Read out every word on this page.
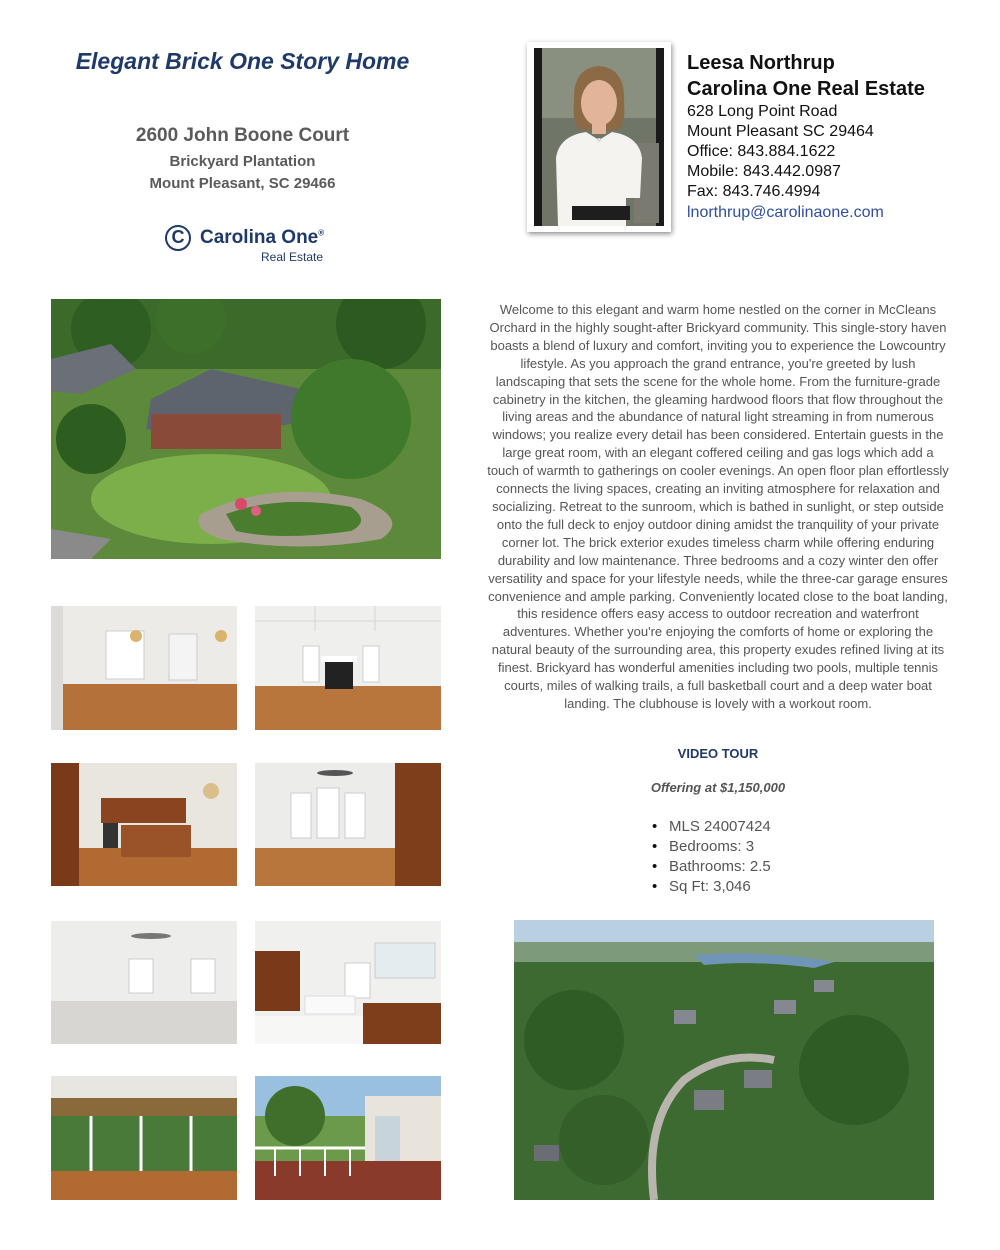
Elegant Brick One Story Home
2600 John Boone Court
Brickyard Plantation
Mount Pleasant, SC 29466
C Carolina One®
Real Estate
Leesa Northrup
Carolina One Real Estate
628 Long Point Road
Mount Pleasant SC 29464
Office: 843.884.1622
Mobile: 843.442.0987
Fax: 843.746.4994
lnorthrup@carolinaone.com
Welcome to this elegant and warm home nestled on the corner in McCleans Orchard in the highly sought-after Brickyard community. This single-story haven boasts a blend of luxury and comfort, inviting you to experience the Lowcountry lifestyle. As you approach the grand entrance, you're greeted by lush landscaping that sets the scene for the whole home. From the furniture-grade cabinetry in the kitchen, the gleaming hardwood floors that flow throughout the living areas and the abundance of natural light streaming in from numerous windows; you realize every detail has been considered. Entertain guests in the large great room, with an elegant coffered ceiling and gas logs which add a touch of warmth to gatherings on cooler evenings. An open floor plan effortlessly connects the living spaces, creating an inviting atmosphere for relaxation and socializing. Retreat to the sunroom, which is bathed in sunlight, or step outside onto the full deck to enjoy outdoor dining amidst the tranquility of your private corner lot. The brick exterior exudes timeless charm while offering enduring durability and low maintenance. Three bedrooms and a cozy winter den offer versatility and space for your lifestyle needs, while the three-car garage ensures convenience and ample parking. Conveniently located close to the boat landing, this residence offers easy access to outdoor recreation and waterfront adventures. Whether you're enjoying the comforts of home or exploring the natural beauty of the surrounding area, this property exudes refined living at its finest. Brickyard has wonderful amenities including two pools, multiple tennis courts, miles of walking trails, a full basketball court and a deep water boat landing. The clubhouse is lovely with a workout room.
VIDEO TOUR
Offering at $1,150,000
• MLS 24007424
• Bedrooms: 3
• Bathrooms: 2.5
• Sq Ft: 3,046
